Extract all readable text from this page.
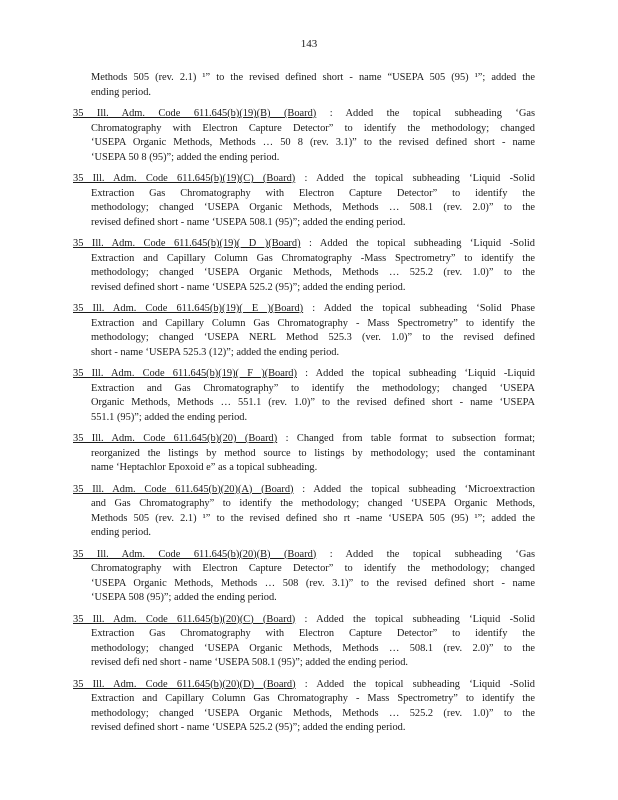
143
Methods 505 (rev. 2.1) ¹” to the revised defined short - name “USEPA 505 (95) ¹”; added the
ending period.
35 Ill. Adm. Code 611.645(b)(19)(B) (Board) : Added the topical subheading ‘Gas
Chromatography with Electron Capture Detector” to identify the methodology; changed
‘USEPA Organic Methods, Methods … 50 8 (rev. 3.1)” to the revised defined short - name
‘USEPA 50 8 (95)”; added the ending period.
35 Ill. Adm. Code 611.645(b)(19)(C) (Board) : Added the topical subheading ‘Liquid -Solid
Extraction Gas Chromatography with Electron Capture Detector” to identify the
methodology; changed ‘USEPA Organic Methods, Methods … 508.1 (rev. 2.0)” to the
revised defined short - name ‘USEPA 508.1 (95)”; added the ending period.
35 Ill. Adm. Code 611.645(b)(19)( D )(Board) : Added the topical subheading ‘Liquid -Solid
Extraction and Capillary Column Gas Chromatography -Mass Spectrometry” to identify the
methodology; changed ‘USEPA Organic Methods, Methods … 525.2 (rev. 1.0)” to the
revised defined short - name ‘USEPA 525.2 (95)”; added the ending period.
35 Ill. Adm. Code 611.645(b)(19)( E )(Board) : Added the topical subheading ‘Solid Phase
Extraction and Capillary Column Gas Chromatography - Mass Spectrometry” to identify the
methodology; changed ‘USEPA NERL Method 525.3 (ver. 1.0)” to the revised defined
short - name ‘USEPA 525.3 (12)”; added the ending period.
35 Ill. Adm. Code 611.645(b)(19)( F )(Board) : Added the topical subheading ‘Liquid -Liquid
Extraction and Gas Chromatography” to identify the methodology; changed ‘USEPA
Organic Methods, Methods … 551.1 (rev. 1.0)” to the revised defined short - name ‘USEPA
551.1 (95)”; added the ending period.
35 Ill. Adm. Code 611.645(b)(20) (Board) : Changed from table format to subsection format;
reorganized the listings by method source to listings by methodology; used the contaminant
name ‘Heptachlor Epoxoid e” as a topical subheading.
35 Ill. Adm. Code 611.645(b)(20)(A) (Board) : Added the topical subheading ‘Microextraction
and Gas Chromatography” to identify the methodology; changed ‘USEPA Organic Methods,
Methods 505 (rev. 2.1) ¹” to the revised defined sho rt -name ‘USEPA 505 (95) ¹”; added the
ending period.
35 Ill. Adm. Code 611.645(b)(20)(B) (Board) : Added the topical subheading ‘Gas
Chromatography with Electron Capture Detector” to identify the methodology; changed
‘USEPA Organic Methods, Methods … 508 (rev. 3.1)” to the revised defined short - name
‘USEPA 508 (95)”; added the ending period.
35 Ill. Adm. Code 611.645(b)(20)(C) (Board) : Added the topical subheading ‘Liquid -Solid
Extraction Gas Chromatography with Electron Capture Detector” to identify the
methodology; changed ‘USEPA Organic Methods, Methods … 508.1 (rev. 2.0)” to the
revised defi ned short - name ‘USEPA 508.1 (95)”; added the ending period.
35 Ill. Adm. Code 611.645(b)(20)(D) (Board) : Added the topical subheading ‘Liquid -Solid
Extraction and Capillary Column Gas Chromatography - Mass Spectrometry” to identify the
methodology; changed ‘USEPA Organic Methods, Methods … 525.2 (rev. 1.0)” to the
revised defined short - name ‘USEPA 525.2 (95)”; added the ending period.
